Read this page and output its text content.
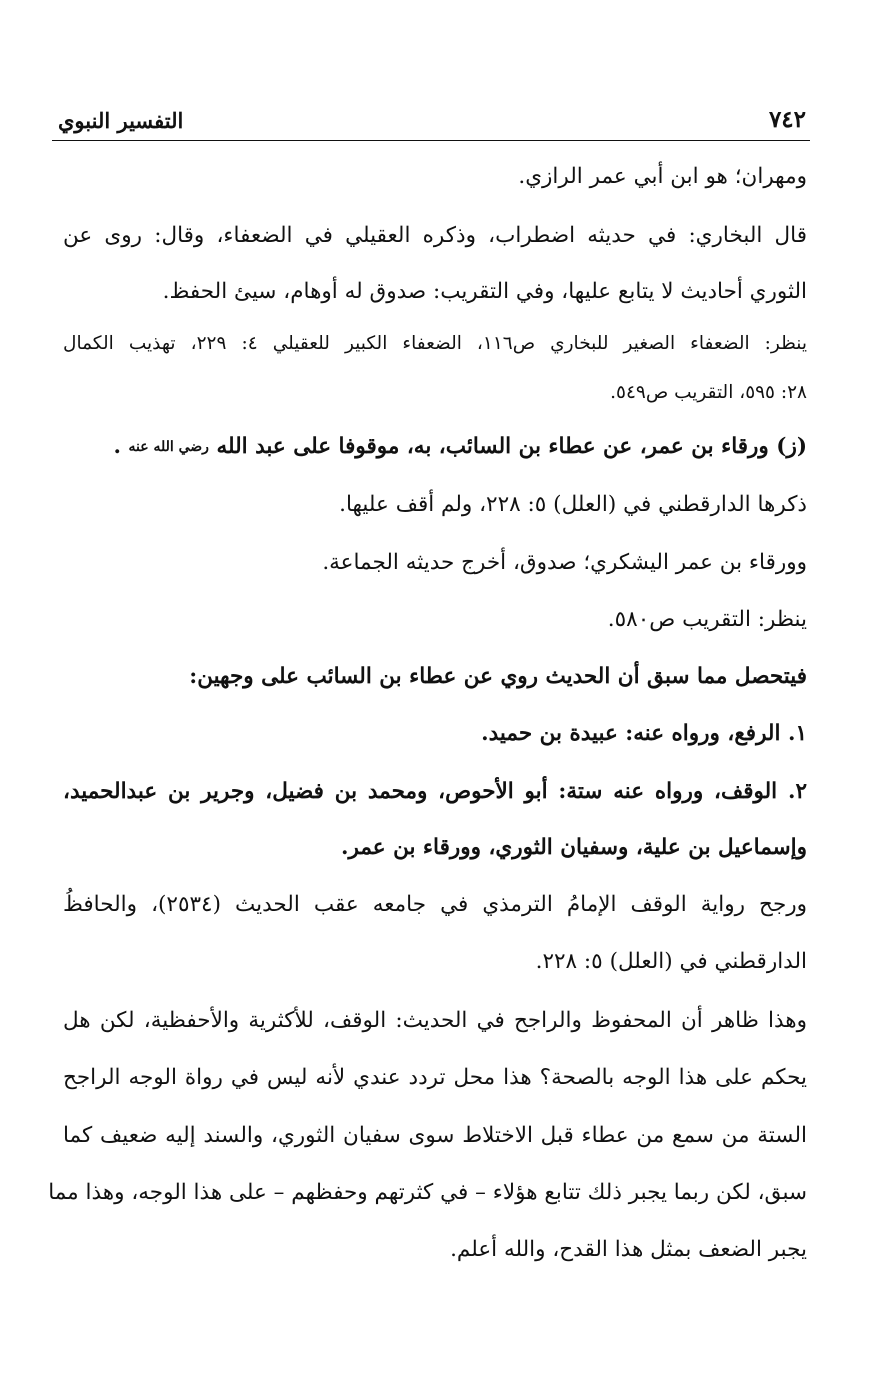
التفسير النبوي	٧٤٢
ومهران؛ هو ابن أبي عمر الرازي.
قال البخاري: في حديثه اضطراب، وذكره العقيلي في الضعفاء، وقال: روى عن
الثوري أحاديث لا يتابع عليها، وفي التقريب: صدوق له أوهام، سيئ الحفظ.
ينظر: الضعفاء الصغير للبخاري ص١١٦، الضعفاء الكبير للعقيلي ٤: ٢٢٩، تهذيب الكمال
٢٨: ٥٩٥، التقريب ص٥٤٩.
(ز) ورقاء بن عمر، عن عطاء بن السائب، به، موقوفا على عبد الله رضي الله عنه .
ذكرها الدارقطني في (العلل) ٥: ٢٢٨، ولم أقف عليها.
وورقاء بن عمر اليشكري؛ صدوق، أخرج حديثه الجماعة.
ينظر: التقريب ص٥٨٠.
فيتحصل مما سبق أن الحديث روي عن عطاء بن السائب على وجهين:
١. الرفع، ورواه عنه: عبيدة بن حميد.
٢. الوقف، ورواه عنه ستة: أبو الأحوص، ومحمد بن فضيل، وجرير بن عبدالحميد،
وإسماعيل بن علية، وسفيان الثوري، وورقاء بن عمر.
ورجح رواية الوقف الإمامُ الترمذي في جامعه عقب الحديث (٢٥٣٤)، والحافظُ
الدارقطني في (العلل) ٥: ٢٢٨.
وهذا ظاهر أن المحفوظ والراجح في الحديث: الوقف، للأكثرية والأحفظية، لكن هل
يحكم على هذا الوجه بالصحة؟ هذا محل تردد عندي لأنه ليس في رواة الوجه الراجح
الستة من سمع من عطاء قبل الاختلاط سوى سفيان الثوري، والسند إليه ضعيف كما
سبق، لكن ربما يجبر ذلك تتابع هؤلاء – في كثرتهم وحفظهم – على هذا الوجه، وهذا مما
يجبر الضعف بمثل هذا القدح، والله أعلم.
